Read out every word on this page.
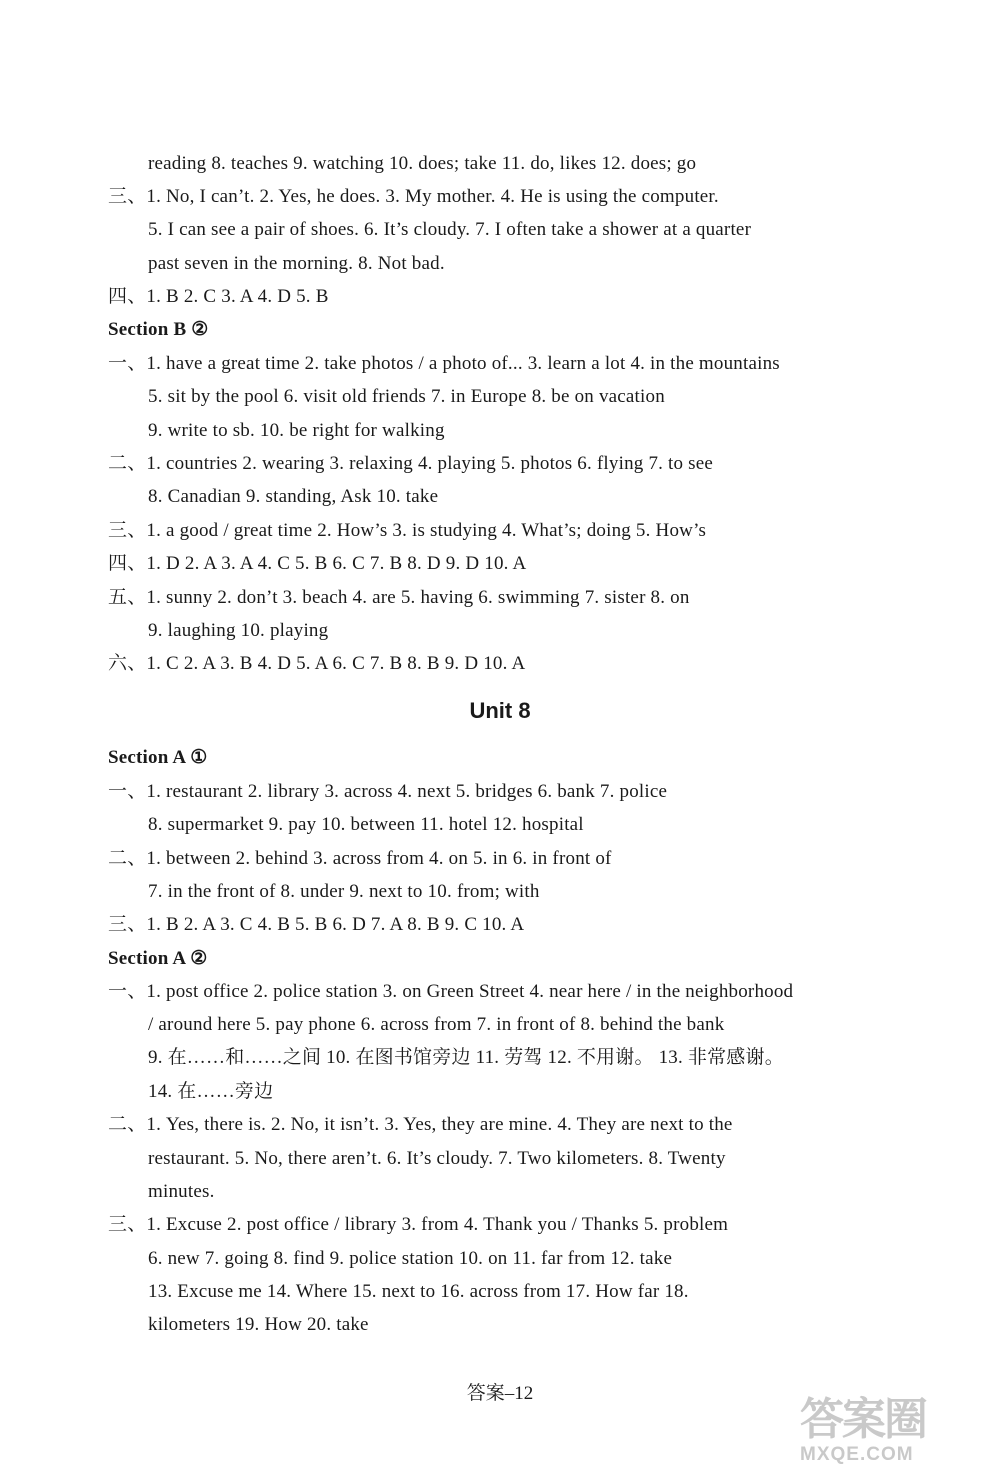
reading 8. teaches 9. watching 10. does; take 11. do, likes 12. does; go
三、1. No, I can’t. 2. Yes, he does. 3. My mother. 4. He is using the computer.
5. I can see a pair of shoes. 6. It’s cloudy. 7. I often take a shower at a quarter
past seven in the morning. 8. Not bad.
四、1. B 2. C 3. A 4. D 5. B
Section B ②
一、1. have a great time 2. take photos / a photo of... 3. learn a lot 4. in the mountains
5. sit by the pool 6. visit old friends 7. in Europe 8. be on vacation
9. write to sb. 10. be right for walking
二、1. countries 2. wearing 3. relaxing 4. playing 5. photos 6. flying 7. to see
8. Canadian 9. standing, Ask 10. take
三、1. a good / great time 2. How’s 3. is studying 4. What’s; doing 5. How’s
四、1. D 2. A 3. A 4. C 5. B 6. C 7. B 8. D 9. D 10. A
五、1. sunny 2. don’t 3. beach 4. are 5. having 6. swimming 7. sister 8. on
9. laughing 10. playing
六、1. C 2. A 3. B 4. D 5. A 6. C 7. B 8. B 9. D 10. A
Section A ①
一、1. restaurant 2. library 3. across 4. next 5. bridges 6. bank 7. police
8. supermarket 9. pay 10. between 11. hotel 12. hospital
二、1. between 2. behind 3. across from 4. on 5. in 6. in front of
7. in the front of 8. under 9. next to 10. from; with
三、1. B 2. A 3. C 4. B 5. B 6. D 7. A 8. B 9. C 10. A
Section A ②
一、1. post office 2. police station 3. on Green Street 4. near here / in the neighborhood
/ around here 5. pay phone 6. across from 7. in front of 8. behind the bank
9. 在……和……之间 10. 在图书馆旁边 11. 劳驾 12. 不用谢。 13. 非常感谢。
14. 在……旁边
二、1. Yes, there is. 2. No, it isn’t. 3. Yes, they are mine. 4. They are next to the
restaurant. 5. No, there aren’t. 6. It’s cloudy. 7. Two kilometers. 8. Twenty
minutes.
三、1. Excuse 2. post office / library 3. from 4. Thank you / Thanks 5. problem
6. new 7. going 8. find 9. police station 10. on 11. far from 12. take
13. Excuse me 14. Where 15. next to 16. across from 17. How far 18.
kilometers 19. How 20. take
Unit 8
答案–12
答案圈
MXQE.COM
